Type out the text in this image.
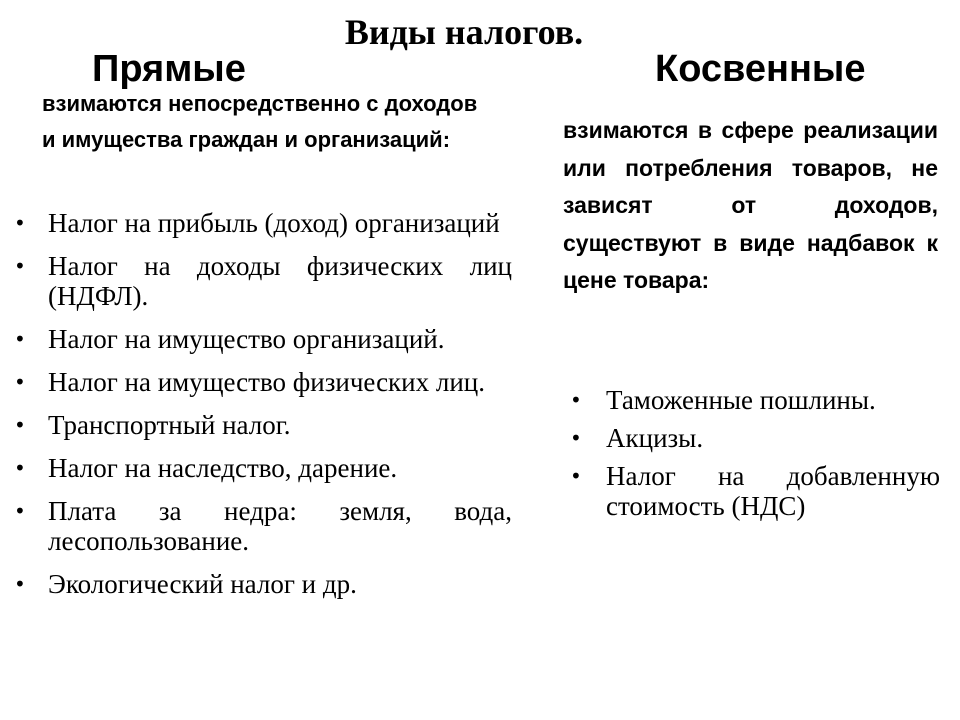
Виды налогов.
Прямые	Косвенные
взимаются непосредственно с доходов и имущества граждан и организаций:	взимаются в сфере реализации или потребления товаров, не зависят от доходов, существуют в виде надбавок к цене товара:
• Налог на прибыль (доход) организаций
• Налог на доходы физических лиц (НДФЛ).
• Налог на имущество организаций.
• Налог на имущество физических лиц.
• Транспортный налог.
• Налог на наследство, дарение.
• Плата за недра: земля, вода, лесопользование.
• Экологический налог и др.
• Таможенные пошлины.
• Акцизы.
• Налог на добавленную стоимость (НДС)
